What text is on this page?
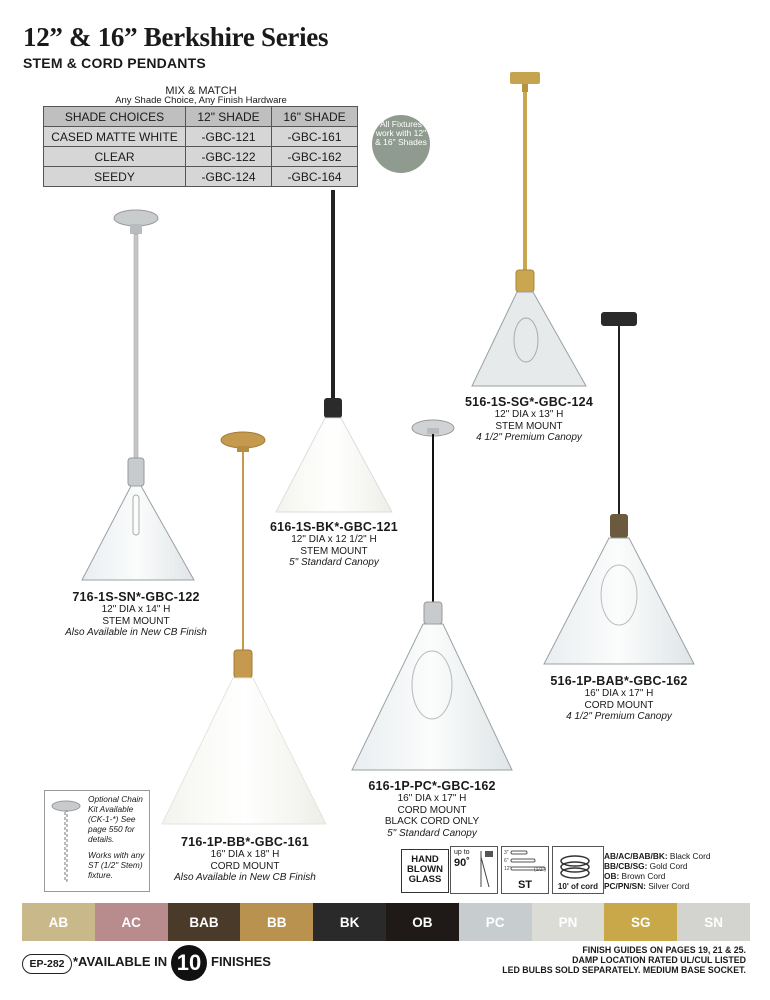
12” & 16” Berkshire Series
STEM & CORD PENDANTS
MIX & MATCH
Any Shade Choice, Any Finish Hardware
SHADE CHOICES	12" SHADE	16" SHADE
CASED MATTE WHITE	-GBC-121	-GBC-161
CLEAR	-GBC-122	-GBC-162
SEEDY	-GBC-124	-GBC-164
All Fixtures work with 12" & 16" Shades
716-1S-SN*-GBC-122
12" DIA x 14" H
STEM MOUNT
Also Available in New CB Finish
616-1S-BK*-GBC-121
12" DIA x 12 1/2" H
STEM MOUNT
5" Standard Canopy
516-1S-SG*-GBC-124
12" DIA x 13" H
STEM MOUNT
4 1/2" Premium Canopy
516-1P-BAB*-GBC-162
16" DIA x 17" H
CORD MOUNT
4 1/2" Premium Canopy
616-1P-PC*-GBC-162
16" DIA x 17" H
CORD MOUNT
BLACK CORD ONLY
5" Standard Canopy
716-1P-BB*-GBC-161
16" DIA x 18" H
CORD MOUNT
Also Available in New CB Finish
Optional Chain Kit Available (CK-1-*) See page 550 for details.
Works with any ST (1/2" Stem) fixture.
HAND BLOWN GLASS
up to
90˚
3"
6"
12"	(1/2")
ST	10' of cord
AB/AC/BAB/BK: Black Cord
BB/CB/SG: Gold Cord
OB: Brown Cord
PC/PN/SN: Silver Cord
AB	AC	BAB	BB	BK	OB	PC	PN	SG	SN
EP-282 *AVAILABLE IN 10 FINISHES
FINISH GUIDES ON PAGES 19, 21 & 25.
DAMP LOCATION RATED UL/CUL LISTED
LED BULBS SOLD SEPARATELY. MEDIUM BASE SOCKET.
